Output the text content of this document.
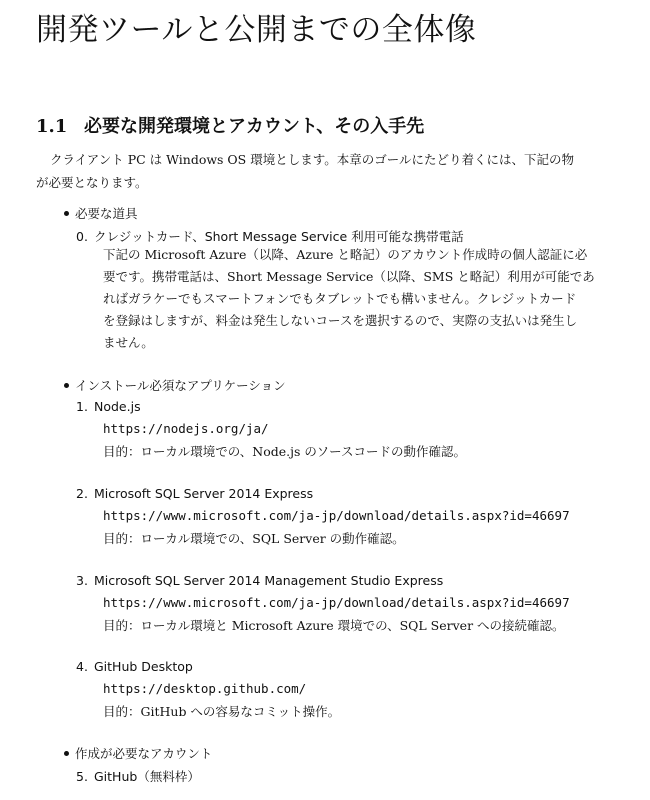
開発ツールと公開までの全体像
1.1 必要な開発環境とアカウント、その入手先
クライアント PC は Windows OS 環境とします。本章のゴールにたどり着くには、下記の物
が必要となります。
必要な道具
0. クレジットカード、Short Message Service 利用可能な携帯電話
下記の Microsoft Azure（以降、Azure と略記）のアカウント作成時の個人認証に必
要です。携帯電話は、Short Message Service（以降、SMS と略記）利用が可能であ
ればガラケーでもスマートフォンでもタブレットでも構いません。クレジットカード
を登録はしますが、料金は発生しないコースを選択するので、実際の支払いは発生し
ません。
インストール必須なアプリケーション
1. Node.js
https://nodejs.org/ja/
目的：ローカル環境での、Node.js のソースコードの動作確認。
2. Microsoft SQL Server 2014 Express
https://www.microsoft.com/ja-jp/download/details.aspx?id=46697
目的：ローカル環境での、SQL Server の動作確認。
3. Microsoft SQL Server 2014 Management Studio Express
https://www.microsoft.com/ja-jp/download/details.aspx?id=46697
目的：ローカル環境と Microsoft Azure 環境での、SQL Server への接続確認。
4. GitHub Desktop
https://desktop.github.com/
目的：GitHub への容易なコミット操作。
作成が必要なアカウント
5. GitHub（無料枠）
